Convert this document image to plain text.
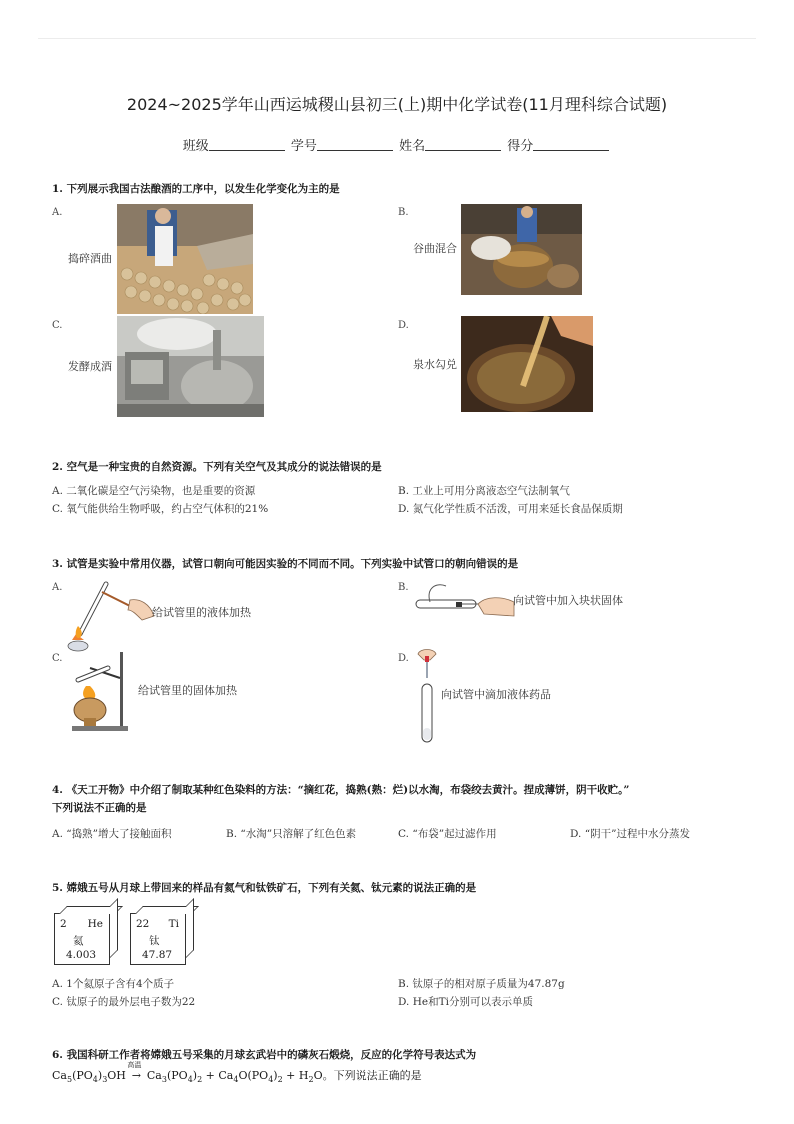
2024~2025学年山西运城稷山县初三(上)期中化学试卷(11月理科综合试题)
班级	学号	姓名	得分
1. 下列展示我国古法酿酒的工序中，以发生化学变化为主的是
A.
捣碎酒曲
B.
谷曲混合
C.
发酵成酒
D.
泉水勾兑
2. 空气是一种宝贵的自然资源。下列有关空气及其成分的说法错误的是
A. 二氧化碳是空气污染物，也是重要的资源	B. 工业上可用分离液态空气法制氧气
C. 氧气能供给生物呼吸，约占空气体积的21%	D. 氮气化学性质不活泼，可用来延长食品保质期
3. 试管是实验中常用仪器，试管口朝向可能因实验的不同而不同。下列实验中试管口的朝向错误的是
A.
给试管里的液体加热
B.
向试管中加入块状固体
C.
给试管里的固体加热
D.
向试管中滴加液体药品
4. 《天工开物》中介绍了制取某种红色染料的方法：“摘红花，捣熟(熟：烂)以水淘，布袋绞去黄汁。捏成薄饼，阴干收贮。”
下列说法不正确的是
A. “捣熟”增大了接触面积	B. “水淘”只溶解了红色色素	C. “布袋”起过滤作用	D. “阴干”过程中水分蒸发
5. 嫦娥五号从月球上带回来的样品有氦气和钛铁矿石，下列有关氦、钛元素的说法正确的是
2 He
氦
4.003
22 Ti
钛
47.87
A. 1个氦原子含有4个质子	B. 钛原子的相对原子质量为47.87g
C. 钛原子的最外层电子数为22	D. He和Ti分别可以表示单质
6. 我国科研工作者将嫦娥五号采集的月球玄武岩中的磷灰石煅烧，反应的化学符号表达式为
$Ca_5(PO_4)_3OH$
高温
→ $Ca_3(PO_4)_2 + Ca_4O(PO_4)_2 + H_2O$。下列说法正确的是
